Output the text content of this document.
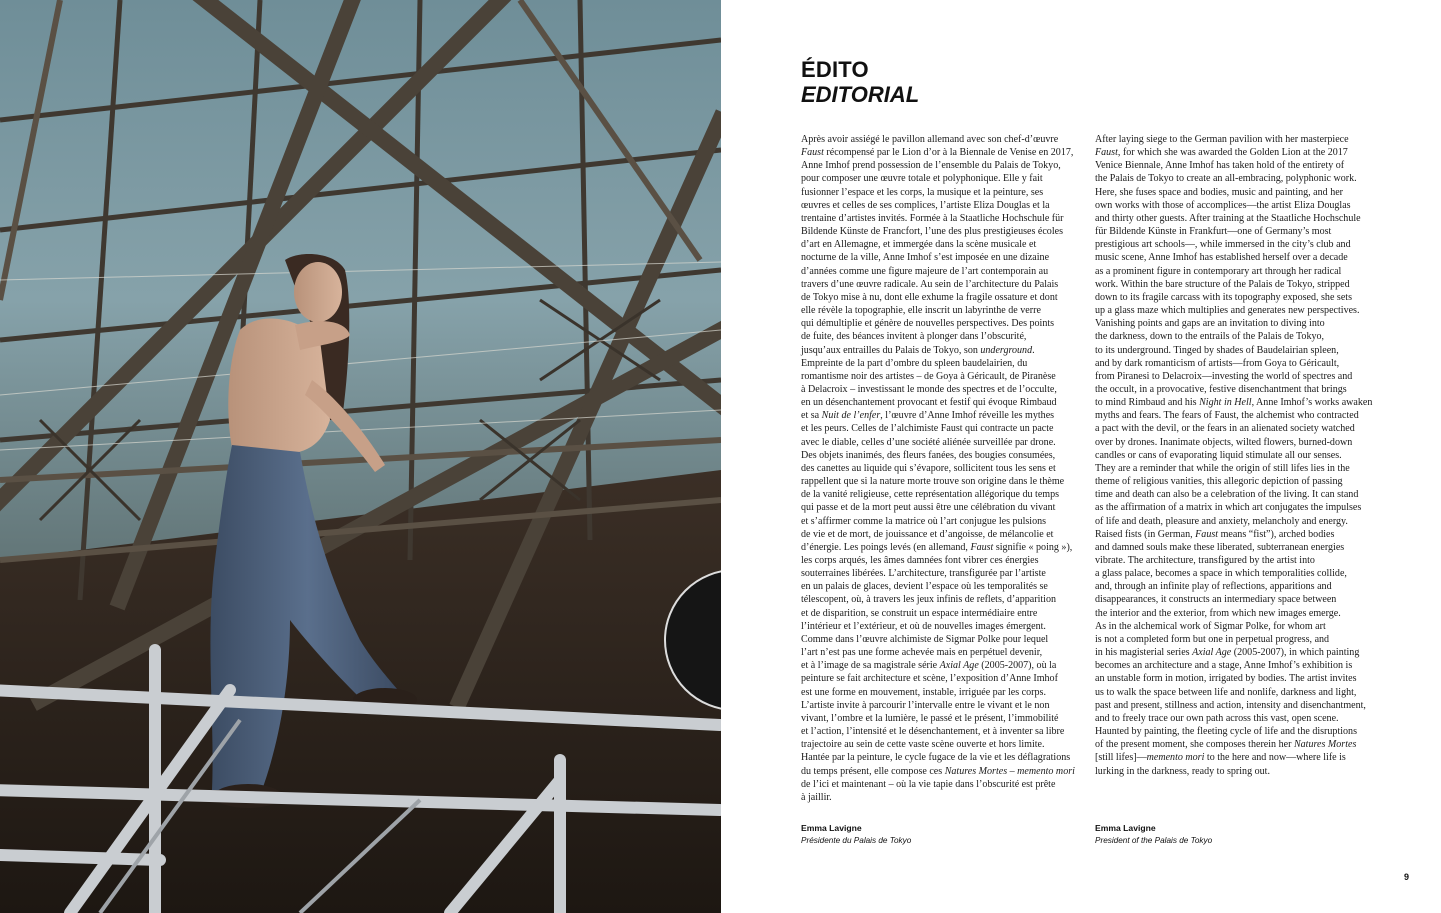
ÉDITO
EDITORIAL
Après avoir assiégé le pavillon allemand avec son chef-d’œuvre
Faust récompensé par le Lion d’or à la Biennale de Venise en 2017,
Anne Imhof prend possession de l’ensemble du Palais de Tokyo,
pour composer une œuvre totale et polyphonique. Elle y fait
fusionner l’espace et les corps, la musique et la peinture, ses
œuvres et celles de ses complices, l’artiste Eliza Douglas et la
trentaine d’artistes invités. Formée à la Staatliche Hochschule für
Bildende Künste de Francfort, l’une des plus prestigieuses écoles
d’art en Allemagne, et immergée dans la scène musicale et
nocturne de la ville, Anne Imhof s’est imposée en une dizaine
d’années comme une figure majeure de l’art contemporain au
travers d’une œuvre radicale. Au sein de l’architecture du Palais
de Tokyo mise à nu, dont elle exhume la fragile ossature et dont
elle révèle la topographie, elle inscrit un labyrinthe de verre
qui démultiplie et génère de nouvelles perspectives. Des points
de fuite, des béances invitent à plonger dans l’obscurité,
jusqu’aux entrailles du Palais de Tokyo, son underground.
Empreinte de la part d’ombre du spleen baudelairien, du
romantisme noir des artistes – de Goya à Géricault, de Piranèse
à Delacroix – investissant le monde des spectres et de l’occulte,
en un désenchantement provocant et festif qui évoque Rimbaud
et sa Nuit de l’enfer, l’œuvre d’Anne Imhof réveille les mythes
et les peurs. Celles de l’alchimiste Faust qui contracte un pacte
avec le diable, celles d’une société aliénée surveillée par drone.
Des objets inanimés, des fleurs fanées, des bougies consumées,
des canettes au liquide qui s’évapore, sollicitent tous les sens et
rappellent que si la nature morte trouve son origine dans le thème
de la vanité religieuse, cette représentation allégorique du temps
qui passe et de la mort peut aussi être une célébration du vivant
et s’affirmer comme la matrice où l’art conjugue les pulsions
de vie et de mort, de jouissance et d’angoisse, de mélancolie et
d’énergie. Les poings levés (en allemand, Faust signifie « poing »),
les corps arqués, les âmes damnées font vibrer ces énergies
souterraines libérées. L’architecture, transfigurée par l’artiste
en un palais de glaces, devient l’espace où les temporalités se
télescopent, où, à travers les jeux infinis de reflets, d’apparition
et de disparition, se construit un espace intermédiaire entre
l’intérieur et l’extérieur, et où de nouvelles images émergent.
Comme dans l’œuvre alchimiste de Sigmar Polke pour lequel
l’art n’est pas une forme achevée mais en perpétuel devenir,
et à l’image de sa magistrale série Axial Age (2005-2007), où la
peinture se fait architecture et scène, l’exposition d’Anne Imhof
est une forme en mouvement, instable, irriguée par les corps.
L’artiste invite à parcourir l’intervalle entre le vivant et le non
vivant, l’ombre et la lumière, le passé et le présent, l’immobilité
et l’action, l’intensité et le désenchantement, et à inventer sa libre
trajectoire au sein de cette vaste scène ouverte et hors limite.
Hantée par la peinture, le cycle fugace de la vie et les déflagrations
du temps présent, elle compose ces Natures Mortes – memento mori
de l’ici et maintenant – où la vie tapie dans l’obscurité est prête
à jaillir.
After laying siege to the German pavilion with her masterpiece
Faust, for which she was awarded the Golden Lion at the 2017
Venice Biennale, Anne Imhof has taken hold of the entirety of
the Palais de Tokyo to create an all-embracing, polyphonic work.
Here, she fuses space and bodies, music and painting, and her
own works with those of accomplices—the artist Eliza Douglas
and thirty other guests. After training at the Staatliche Hochschule
für Bildende Künste in Frankfurt—one of Germany’s most
prestigious art schools—, while immersed in the city’s club and
music scene, Anne Imhof has established herself over a decade
as a prominent figure in contemporary art through her radical
work. Within the bare structure of the Palais de Tokyo, stripped
down to its fragile carcass with its topography exposed, she sets
up a glass maze which multiplies and generates new perspectives.
Vanishing points and gaps are an invitation to diving into
the darkness, down to the entrails of the Palais de Tokyo,
to its underground. Tinged by shades of Baudelairian spleen,
and by dark romanticism of artists—from Goya to Géricault,
from Piranesi to Delacroix—investing the world of spectres and
the occult, in a provocative, festive disenchantment that brings
to mind Rimbaud and his Night in Hell, Anne Imhof’s works awaken
myths and fears. The fears of Faust, the alchemist who contracted
a pact with the devil, or the fears in an alienated society watched
over by drones. Inanimate objects, wilted flowers, burned-down
candles or cans of evaporating liquid stimulate all our senses.
They are a reminder that while the origin of still lifes lies in the
theme of religious vanities, this allegoric depiction of passing
time and death can also be a celebration of the living. It can stand
as the affirmation of a matrix in which art conjugates the impulses
of life and death, pleasure and anxiety, melancholy and energy.
Raised fists (in German, Faust means “fist”), arched bodies
and damned souls make these liberated, subterranean energies
vibrate. The architecture, transfigured by the artist into
a glass palace, becomes a space in which temporalities collide,
and, through an infinite play of reflections, apparitions and
disappearances, it constructs an intermediary space between
the interior and the exterior, from which new images emerge.
As in the alchemical work of Sigmar Polke, for whom art
is not a completed form but one in perpetual progress, and
in his magisterial series Axial Age (2005-2007), in which painting
becomes an architecture and a stage, Anne Imhof’s exhibition is
an unstable form in motion, irrigated by bodies. The artist invites
us to walk the space between life and nonlife, darkness and light,
past and present, stillness and action, intensity and disenchantment,
and to freely trace our own path across this vast, open scene.
Haunted by painting, the fleeting cycle of life and the disruptions
of the present moment, she composes therein her Natures Mortes
[still lifes]—memento mori to the here and now—where life is
lurking in the darkness, ready to spring out.
Emma Lavigne
Présidente du Palais de Tokyo
Emma Lavigne
President of the Palais de Tokyo
9
